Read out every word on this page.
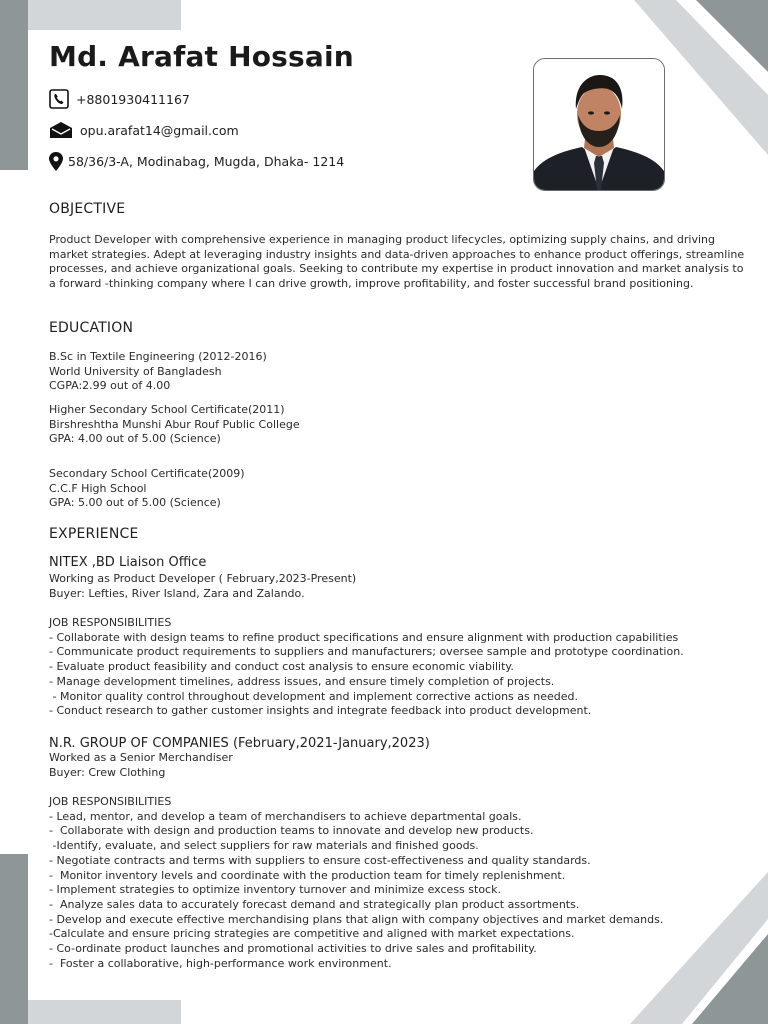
Md. Arafat Hossain
+8801930411167
opu.arafat14@gmail.com
58/36/3-A, Modinabag, Mugda, Dhaka- 1214
OBJECTIVE
Product Developer with comprehensive experience in managing product lifecycles, optimizing supply chains, and driving market strategies. Adept at leveraging industry insights and data-driven approaches to enhance product offerings, streamline processes, and achieve organizational goals. Seeking to contribute my expertise in product innovation and market analysis to a forward -thinking company where I can drive growth, improve profitability, and foster successful brand positioning.
EDUCATION
B.Sc in Textile Engineering (2012-2016)
World University of Bangladesh
CGPA:2.99 out of 4.00
Higher Secondary School Certificate(2011)
Birshreshtha Munshi Abur Rouf Public College
GPA: 4.00 out of 5.00 (Science)
Secondary School Certificate(2009)
C.C.F High School
GPA: 5.00 out of 5.00 (Science)
EXPERIENCE
NITEX ,BD Liaison Office
Working as Product Developer ( February,2023-Present)
Buyer: Lefties, River Island, Zara and Zalando.
JOB RESPONSIBILITIES
- Collaborate with design teams to refine product specifications and ensure alignment with production capabilities
- Communicate product requirements to suppliers and manufacturers; oversee sample and prototype coordination.
- Evaluate product feasibility and conduct cost analysis to ensure economic viability.
- Manage development timelines, address issues, and ensure timely completion of projects.
- Monitor quality control throughout development and implement corrective actions as needed.
- Conduct research to gather customer insights and integrate feedback into product development.
N.R. GROUP OF COMPANIES (February,2021-January,2023)
Worked as a Senior Merchandiser
Buyer: Crew Clothing
JOB RESPONSIBILITIES
- Lead, mentor, and develop a team of merchandisers to achieve departmental goals.
-  Collaborate with design and production teams to innovate and develop new products.
-Identify, evaluate, and select suppliers for raw materials and finished goods.
- Negotiate contracts and terms with suppliers to ensure cost-effectiveness and quality standards.
-  Monitor inventory levels and coordinate with the production team for timely replenishment.
- Implement strategies to optimize inventory turnover and minimize excess stock.
-  Analyze sales data to accurately forecast demand and strategically plan product assortments.
- Develop and execute effective merchandising plans that align with company objectives and market demands.
-Calculate and ensure pricing strategies are competitive and aligned with market expectations.
- Co-ordinate product launches and promotional activities to drive sales and profitability.
-  Foster a collaborative, high-performance work environment.
